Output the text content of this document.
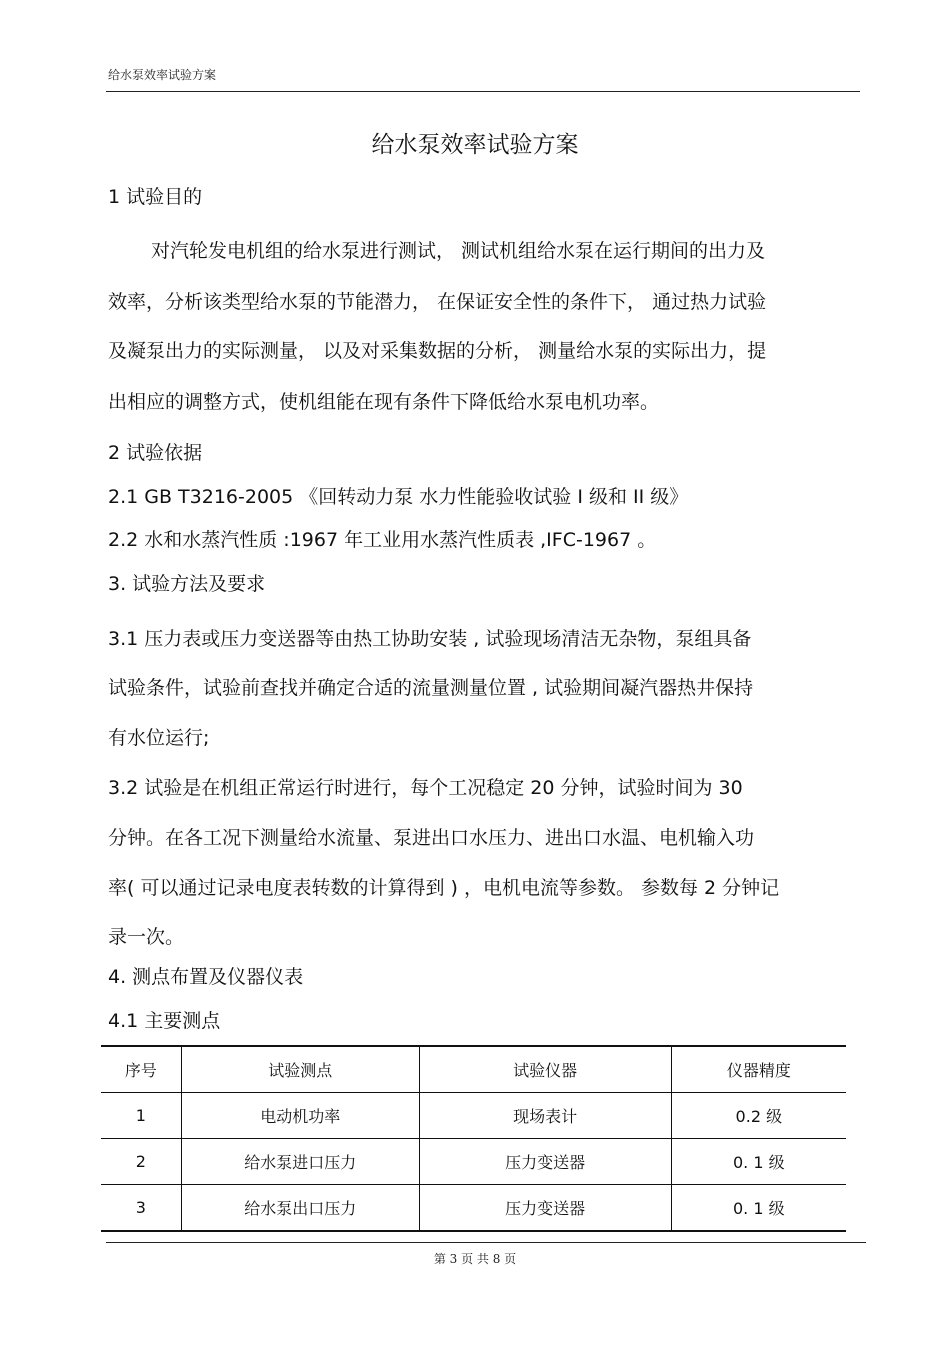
给水泵效率试验方案
给水泵效率试验方案
1 试验目的
对汽轮发电机组的给水泵进行测试， 测试机组给水泵在运行期间的出力及
效率，分析该类型给水泵的节能潜力， 在保证安全性的条件下， 通过热力试验
及凝泵出力的实际测量， 以及对采集数据的分析， 测量给水泵的实际出力，提
出相应的调整方式，使机组能在现有条件下降低给水泵电机功率。
2 试验依据
2.1 GB T3216-2005 《回转动力泵 水力性能验收试验 I 级和 II 级》
2.2 水和水蒸汽性质 :1967 年工业用水蒸汽性质表 ,IFC-1967 。
3. 试验方法及要求
3.1 压力表或压力变送器等由热工协助安装 , 试验现场清洁无杂物，泵组具备
试验条件，试验前查找并确定合适的流量测量位置 , 试验期间凝汽器热井保持
有水位运行;
3.2 试验是在机组正常运行时进行，每个工况稳定 20 分钟，试验时间为 30
分钟。在各工况下测量给水流量、泵进出口水压力、进出口水温、电机输入功
率( 可以通过记录电度表转数的计算得到 ) ，电机电流等参数。 参数每 2 分钟记
录一次。
4. 测点布置及仪器仪表
4.1 主要测点
序号	试验测点	试验仪器	仪器精度
1	电动机功率	现场表计	0.2 级
2	给水泵进口压力	压力变送器	0. 1 级
3	给水泵出口压力	压力变送器	0. 1 级
第 3 页 共 8 页
